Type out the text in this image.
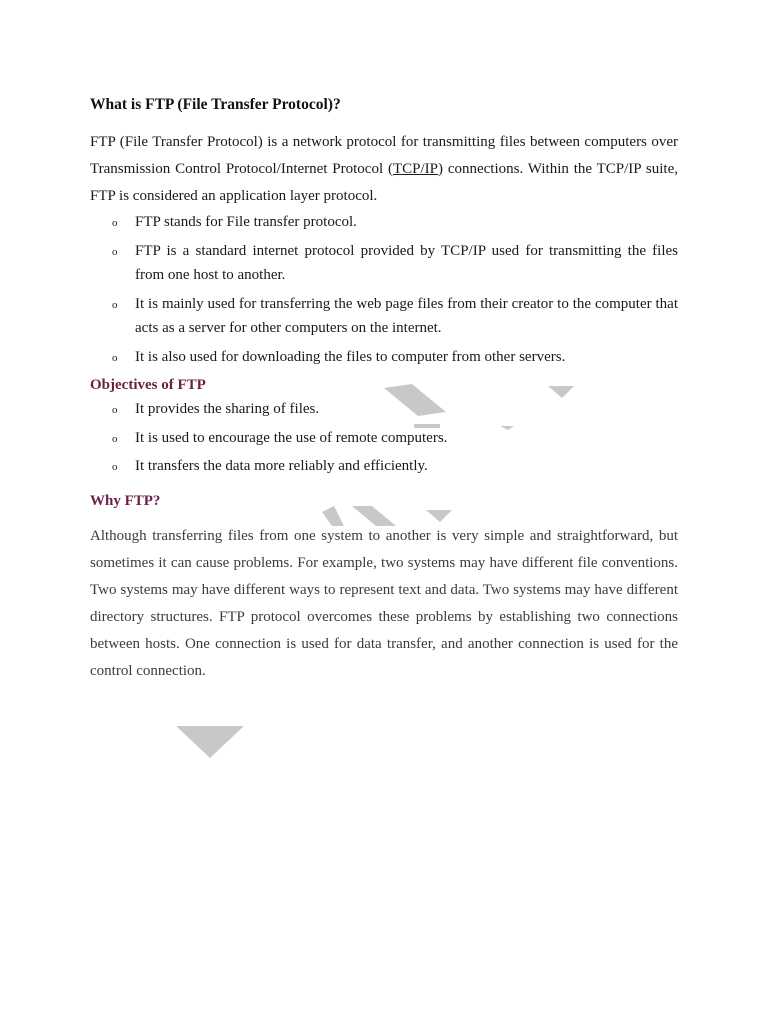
What is FTP (File Transfer Protocol)?

FTP (File Transfer Protocol) is a network protocol for transmitting files between computers over Transmission Control Protocol/Internet Protocol (TCP/IP) connections. Within the TCP/IP suite, FTP is considered an application layer protocol.

o FTP stands for File transfer protocol.
o FTP is a standard internet protocol provided by TCP/IP used for transmitting the files from one host to another.
o It is mainly used for transferring the web page files from their creator to the computer that acts as a server for other computers on the internet.
o It is also used for downloading the files to computer from other servers.
Objectives of FTP
o It provides the sharing of files.
o It is used to encourage the use of remote computers.
o It transfers the data more reliably and efficiently.
Why FTP?

Although transferring files from one system to another is very simple and straightforward, but sometimes it can cause problems. For example, two systems may have different file conventions. Two systems may have different ways to represent text and data. Two systems may have different directory structures. FTP protocol overcomes these problems by establishing two connections between hosts. One connection is used for data transfer, and another connection is used for the control connection.
